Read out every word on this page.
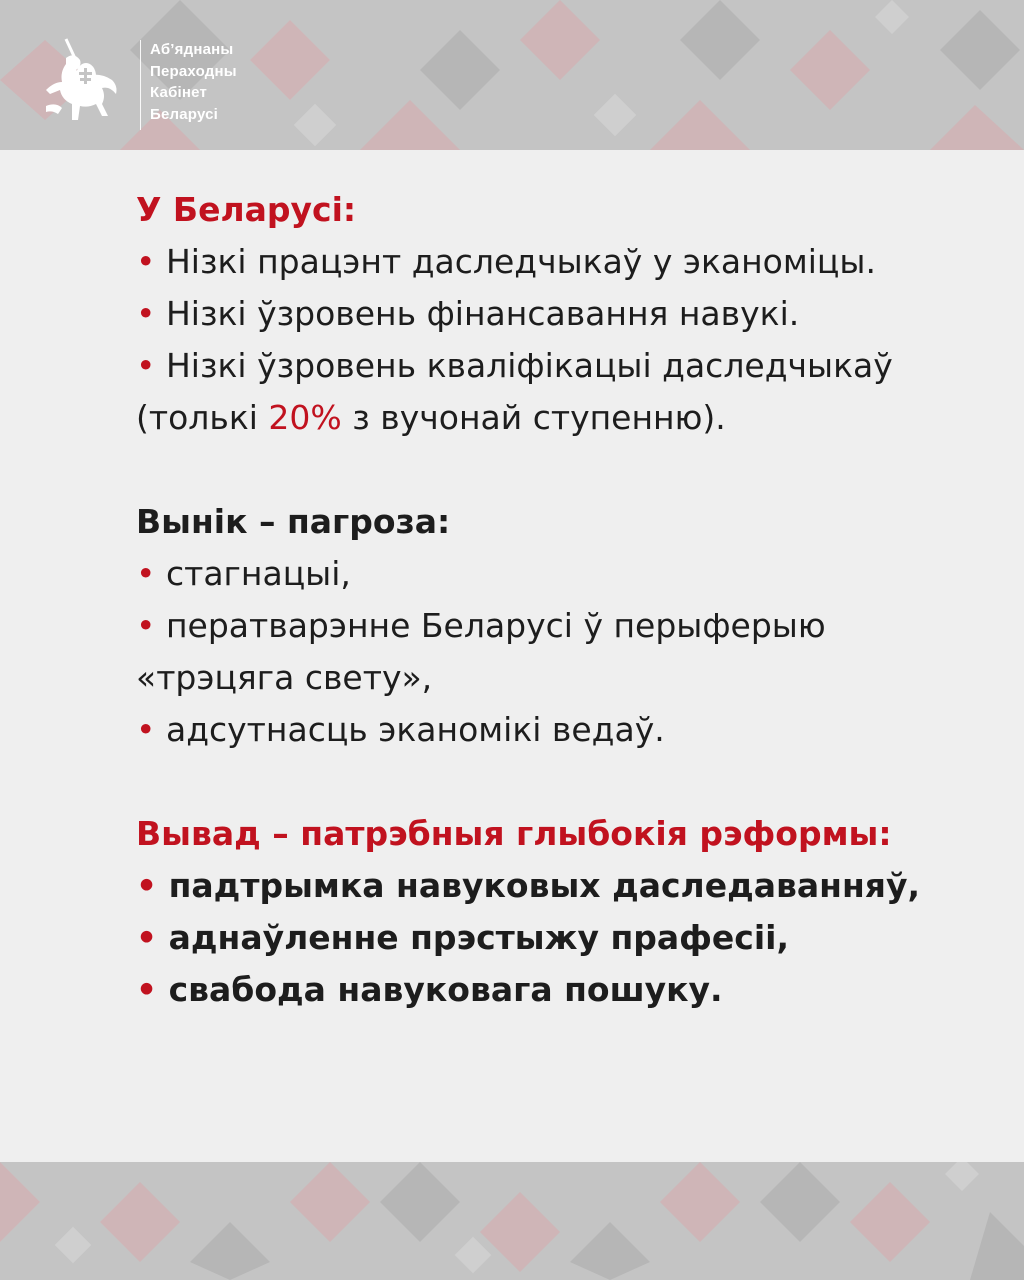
Аб’яднаны
Пераходны
Кабінет
Беларусі
У Беларусі:
• Нізкі працэнт даследчыкаў у эканоміцы.
• Нізкі ўзровень фінансавання навукі.
• Нізкі ўзровень кваліфікацыі даследчыкаў (толькі 20% з вучонай ступенню).
Вынік – пагроза:
• стагнацыі,
• ператварэнне Беларусі ў перыферыю «трэцяга свету»,
• адсутнасць эканомікі ведаў.
Вывад – патрэбныя глыбокія рэформы:
• падтрымка навуковых даследаванняў,
• аднаўленне прэстыжу прафесіі,
• свабода навуковага пошуку.
